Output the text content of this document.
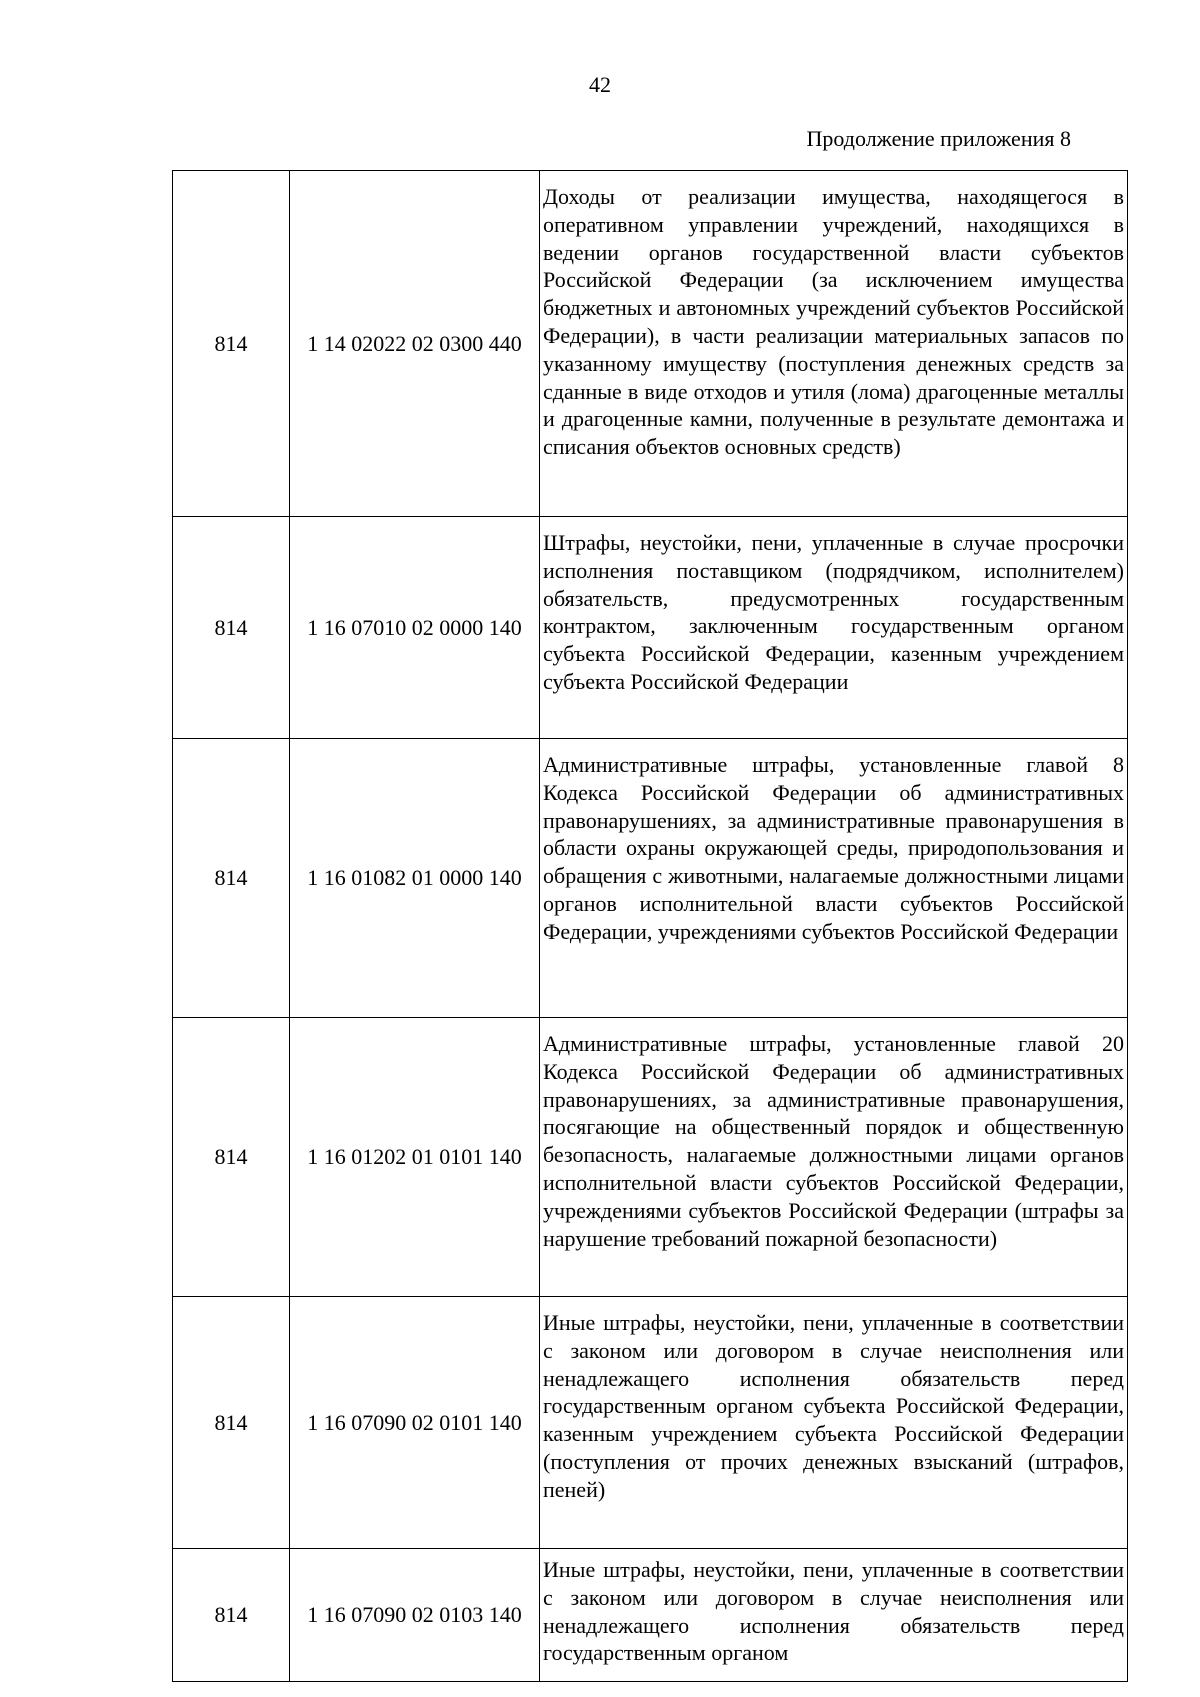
42
Продолжение приложения 8
814	1 14 02022 02 0300 440	Доходы от реализации имущества, находящегося в оперативном управлении учреждений, находящихся в ведении органов государственной власти субъектов Российской Федерации (за исключением имущества бюджетных и автономных учреждений субъектов Российской Федерации), в части реализации материальных запасов по указанному имуществу (поступления денежных средств за сданные в виде отходов и утиля (лома) драгоценные металлы и драгоценные камни, полученные в результате демонтажа и списания объектов основных средств)
814	1 16 07010 02 0000 140	Штрафы, неустойки, пени, уплаченные в случае просрочки исполнения поставщиком (подрядчиком, исполнителем) обязательств, предусмотренных государственным контрактом, заключенным государственным органом субъекта Российской Федерации, казенным учреждением субъекта Российской Федерации
814	1 16 01082 01 0000 140	Административные штрафы, установленные главой 8 Кодекса Российской Федерации об административных правонарушениях, за административные правонарушения в области охраны окружающей среды, природопользования и обращения с животными, налагаемые должностными лицами органов исполнительной власти субъектов Российской Федерации, учреждениями субъектов Российской Федерации
814	1 16 01202 01 0101 140	Административные штрафы, установленные главой 20 Кодекса Российской Федерации об административных правонарушениях, за административные правонарушения, посягающие на общественный порядок и общественную безопасность, налагаемые должностными лицами органов исполнительной власти субъектов Российской Федерации, учреждениями субъектов Российской Федерации (штрафы за нарушение требований пожарной безопасности)
814	1 16 07090 02 0101 140	Иные штрафы, неустойки, пени, уплаченные в соответствии с законом или договором в случае неисполнения или ненадлежащего исполнения обязательств перед государственным органом субъекта Российской Федерации, казенным учреждением субъекта Российской Федерации (поступления от прочих денежных взысканий (штрафов, пеней)
814	1 16 07090 02 0103 140	Иные штрафы, неустойки, пени, уплаченные в соответствии с законом или договором в случае неисполнения или ненадлежащего исполнения обязательств перед государственным органом
